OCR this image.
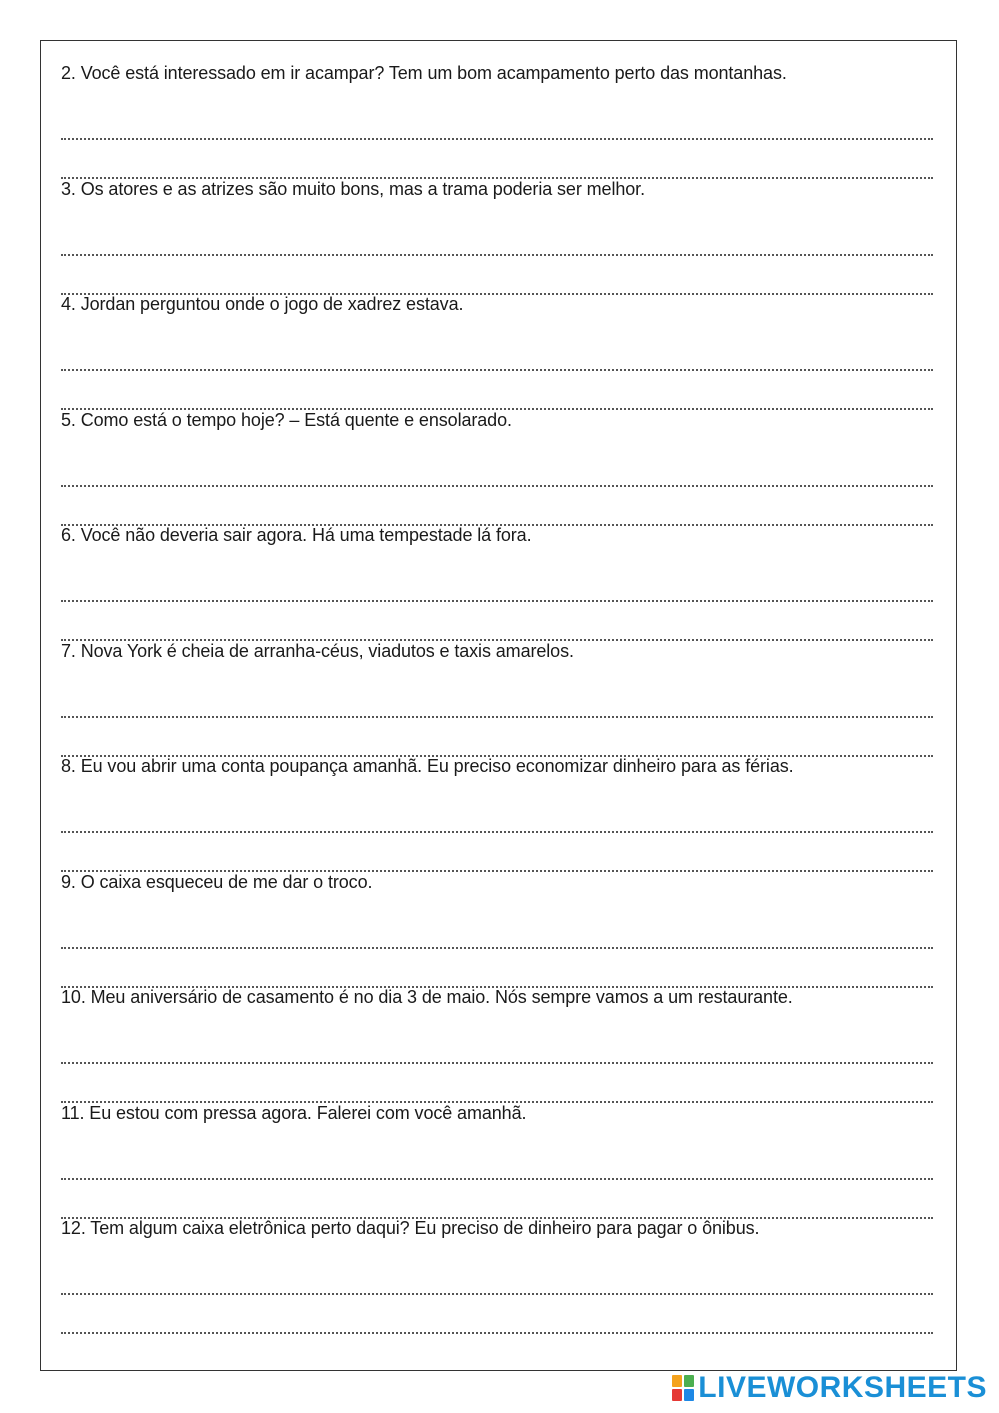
2. Você está interessado em ir acampar? Tem um bom acampamento perto das montanhas.
3. Os atores e as atrizes são muito bons, mas a trama poderia ser melhor.
4. Jordan perguntou onde o jogo de xadrez estava.
5. Como está o tempo hoje? – Está quente e ensolarado.
6. Você não deveria sair agora. Há uma tempestade lá fora.
7. Nova York é cheia de arranha-céus, viadutos e taxis amarelos.
8. Eu vou abrir uma conta poupança amanhã. Eu preciso economizar dinheiro para as férias.
9. O caixa esqueceu de me dar o troco.
10. Meu aniversário de casamento é no dia 3 de maio. Nós sempre vamos a um restaurante.
11. Eu estou com pressa agora. Falerei com você amanhã.
12. Tem algum caixa eletrônica perto daqui? Eu preciso de dinheiro para pagar o ônibus.
LIVEWORKSHEETS
